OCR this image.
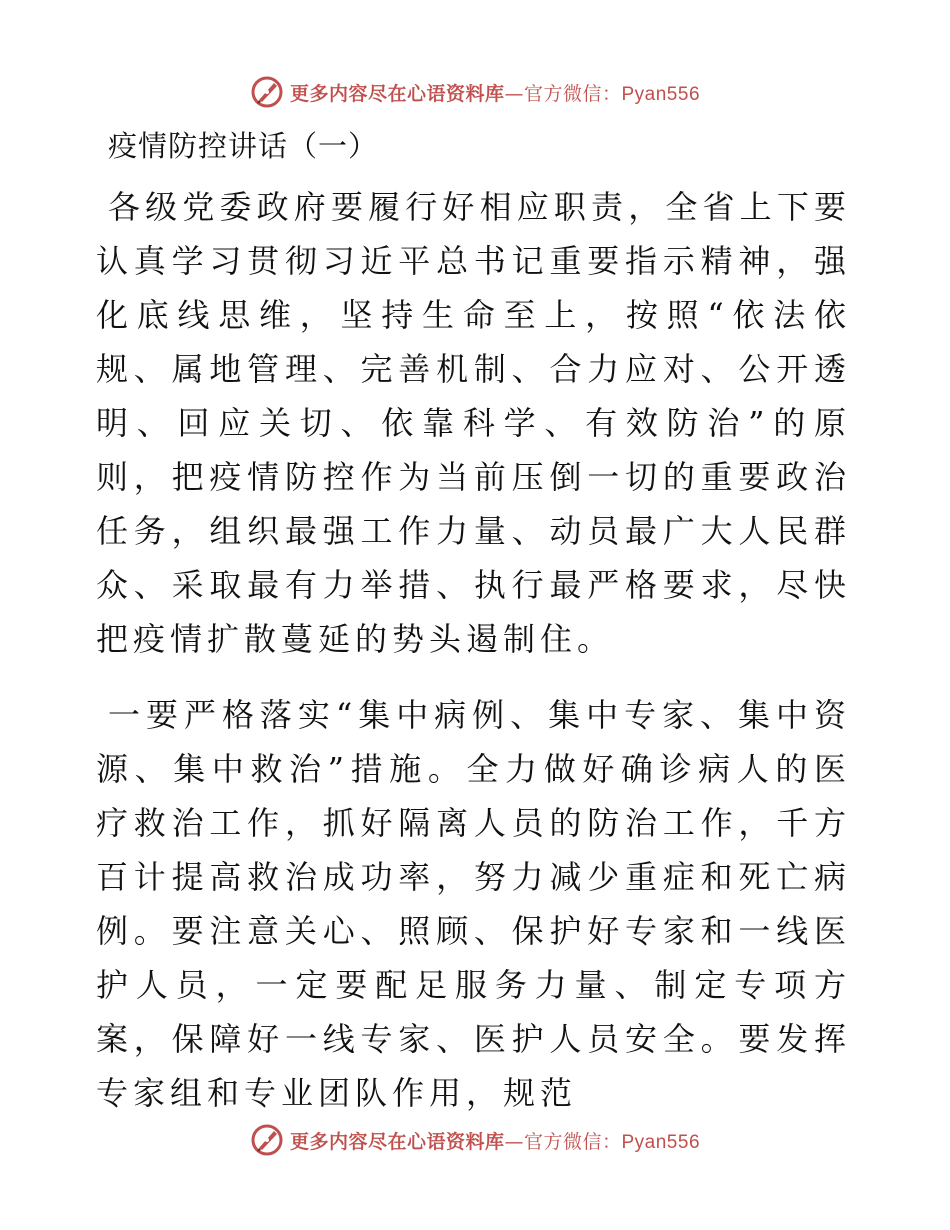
更多内容尽在心语资料库—官方微信：Pyan556
疫情防控讲话（一）

各级党委政府要履行好相应职责，全省上下要认真学习贯彻习近平总书记重要指示精神，强化底线思维，坚持生命至上，按照“依法依规、属地管理、完善机制、合力应对、公开透明、回应关切、依靠科学、有效防治”的原则，把疫情防控作为当前压倒一切的重要政治任务，组织最强工作力量、动员最广大人民群众、采取最有力举措、执行最严格要求，尽快把疫情扩散蔓延的势头遏制住。

一要严格落实“集中病例、集中专家、集中资源、集中救治”措施。全力做好确诊病人的医疗救治工作，抓好隔离人员的防治工作，千方百计提高救治成功率，努力减少重症和死亡病例。要注意关心、照顾、保护好专家和一线医护人员，一定要配足服务力量、制定专项方案，保障好一线专家、医护人员安全。要发挥专家组和专业团队作用，规范

更多内容尽在心语资料库—官方微信：Pyan556
